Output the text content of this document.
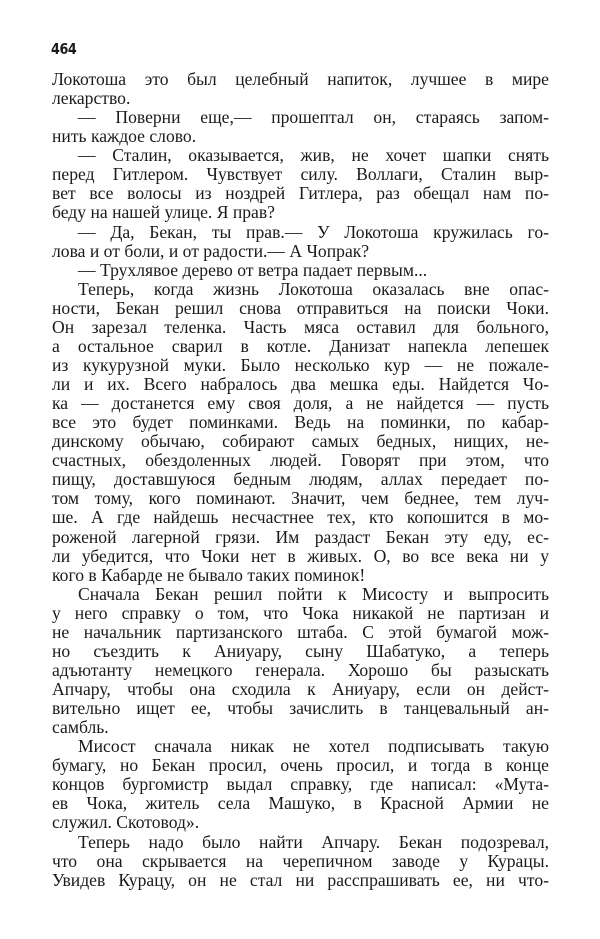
464
Локотоша это был целебный напиток, лучшее в мире
лекарство.
— Поверни еще,— прошептал он, стараясь запом-
нить каждое слово.
— Сталин, оказывается, жив, не хочет шапки снять
перед Гитлером. Чувствует силу. Воллаги, Сталин выр-
вет все волосы из ноздрей Гитлера, раз обещал нам по-
беду на нашей улице. Я прав?
— Да, Бекан, ты прав.— У Локотоша кружилась го-
лова и от боли, и от радости.— А Чопрак?
— Трухлявое дерево от ветра падает первым...
Теперь, когда жизнь Локотоша оказалась вне опас-
ности, Бекан решил снова отправиться на поиски Чоки.
Он зарезал теленка. Часть мяса оставил для больного,
а остальное сварил в котле. Данизат напекла лепешек
из кукурузной муки. Было несколько кур — не пожале-
ли и их. Всего набралось два мешка еды. Найдется Чо-
ка — достанется ему своя доля, а не найдется — пусть
все это будет поминками. Ведь на поминки, по кабар-
динскому обычаю, собирают самых бедных, нищих, не-
счастных, обездоленных людей. Говорят при этом, что
пищу, доставшуюся бедным людям, аллах передает по-
том тому, кого поминают. Значит, чем беднее, тем луч-
ше. А где найдешь несчастнее тех, кто копошится в мо-
роженой лагерной грязи. Им раздаст Бекан эту еду, ес-
ли убедится, что Чоки нет в живых. О, во все века ни у
кого в Кабарде не бывало таких поминок!
Сначала Бекан решил пойти к Мисосту и выпросить
у него справку о том, что Чока никакой не партизан и
не начальник партизанского штаба. С этой бумагой мож-
но съездить к Аниуару, сыну Шабатуко, а теперь
адъютанту немецкого генерала. Хорошо бы разыскать
Апчару, чтобы она сходила к Аниуару, если он дейст-
вительно ищет ее, чтобы зачислить в танцевальный ан-
самбль.
Мисост сначала никак не хотел подписывать такую
бумагу, но Бекан просил, очень просил, и тогда в конце
концов бургомистр выдал справку, где написал: «Мута-
ев Чока, житель села Машуко, в Красной Армии не
служил. Скотовод».
Теперь надо было найти Апчару. Бекан подозревал,
что она скрывается на черепичном заводе у Курацы.
Увидев Курацу, он не стал ни расспрашивать ее, ни что-
